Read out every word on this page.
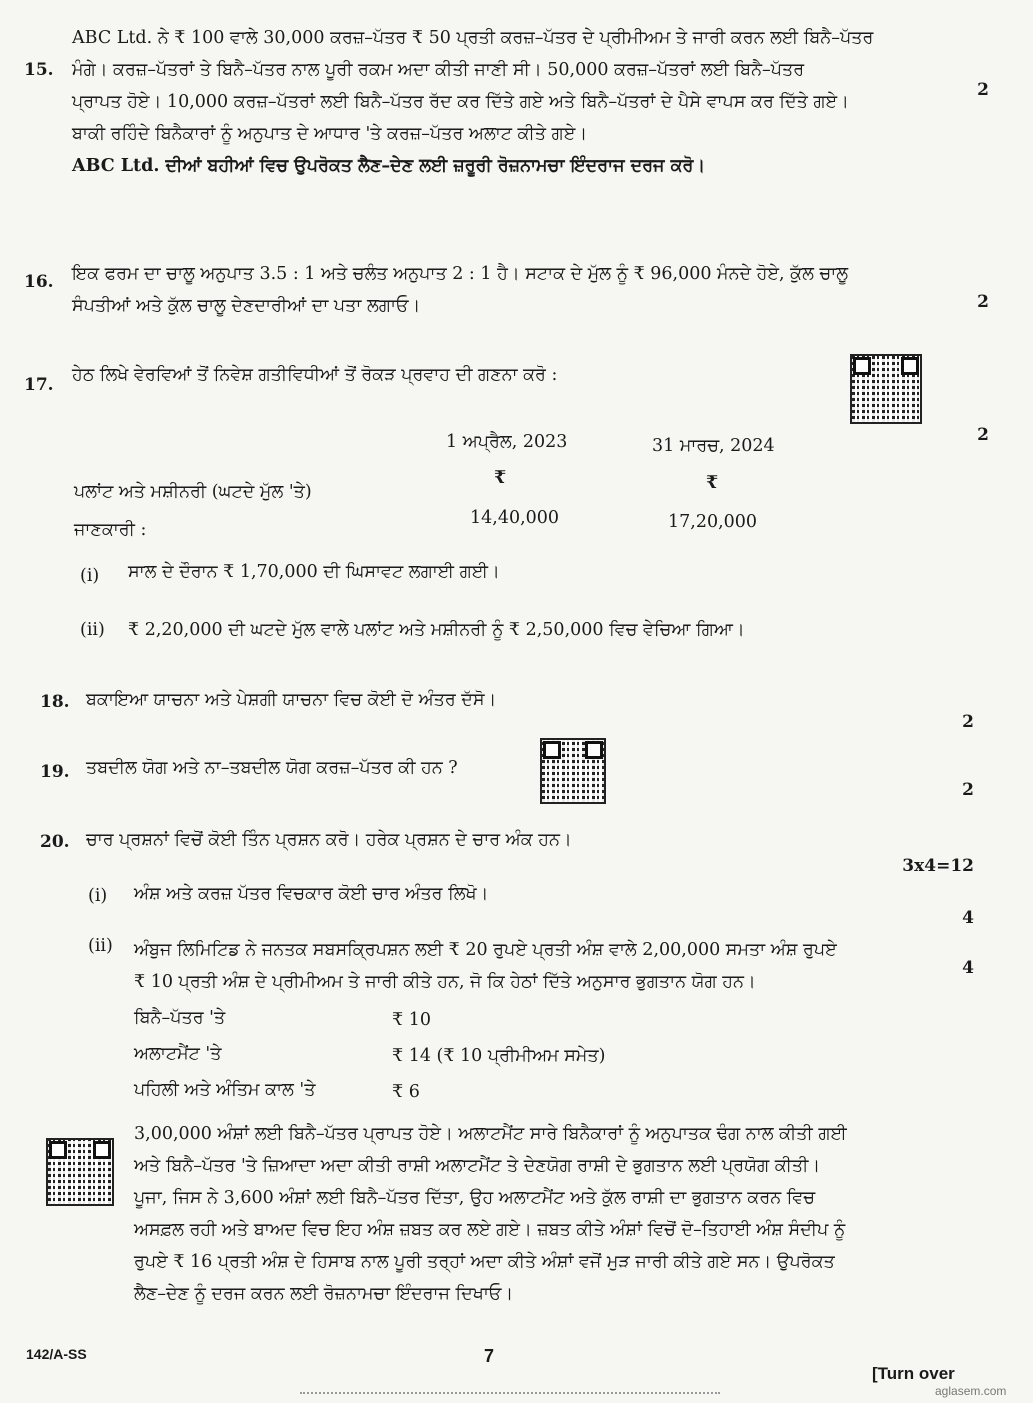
15.
ABC Ltd. ਨੇ ₹ 100 ਵਾਲੇ 30,000 ਕਰਜ਼–ਪੱਤਰ ₹ 50 ਪ੍ਰਤੀ ਕਰਜ਼–ਪੱਤਰ ਦੇ ਪ੍ਰੀਮੀਅਮ ਤੇ ਜਾਰੀ ਕਰਨ ਲਈ ਬਿਨੈ–ਪੱਤਰ
ਮੰਗੇ। ਕਰਜ਼–ਪੱਤਰਾਂ ਤੇ ਬਿਨੈ–ਪੱਤਰ ਨਾਲ ਪੂਰੀ ਰਕਮ ਅਦਾ ਕੀਤੀ ਜਾਣੀ ਸੀ। 50,000 ਕਰਜ਼–ਪੱਤਰਾਂ ਲਈ ਬਿਨੈ–ਪੱਤਰ
ਪ੍ਰਾਪਤ ਹੋਏ। 10,000 ਕਰਜ਼–ਪੱਤਰਾਂ ਲਈ ਬਿਨੈ–ਪੱਤਰ ਰੱਦ ਕਰ ਦਿੱਤੇ ਗਏ ਅਤੇ ਬਿਨੈ–ਪੱਤਰਾਂ ਦੇ ਪੈਸੇ ਵਾਪਸ ਕਰ ਦਿੱਤੇ ਗਏ।
ਬਾਕੀ ਰਹਿੰਦੇ ਬਿਨੈਕਾਰਾਂ ਨੂੰ ਅਨੁਪਾਤ ਦੇ ਆਧਾਰ 'ਤੇ ਕਰਜ਼–ਪੱਤਰ ਅਲਾਟ ਕੀਤੇ ਗਏ।
ABC Ltd. ਦੀਆਂ ਬਹੀਆਂ ਵਿਚ ਉਪਰੋਕਤ ਲੈਣ–ਦੇਣ ਲਈ ਜ਼ਰੂਰੀ ਰੋਜ਼ਨਾਮਚਾ ਇੰਦਰਾਜ ਦਰਜ ਕਰੋ।
2
16. ਇਕ ਫਰਮ ਦਾ ਚਾਲੂ ਅਨੁਪਾਤ 3.5 : 1 ਅਤੇ ਚਲੰਤ ਅਨੁਪਾਤ 2 : 1 ਹੈ। ਸਟਾਕ ਦੇ ਮੁੱਲ ਨੂੰ ₹ 96,000 ਮੰਨਦੇ ਹੋਏ, ਕੁੱਲ ਚਾਲੂ
ਸੰਪਤੀਆਂ ਅਤੇ ਕੁੱਲ ਚਾਲੂ ਦੇਣਦਾਰੀਆਂ ਦਾ ਪਤਾ ਲਗਾਓ।	2
17. ਹੇਠ ਲਿਖੇ ਵੇਰਵਿਆਂ ਤੋਂ ਨਿਵੇਸ਼ ਗਤੀਵਿਧੀਆਂ ਤੋਂ ਰੋਕੜ ਪ੍ਰਵਾਹ ਦੀ ਗਣਨਾ ਕਰੋ :
2
1 ਅਪ੍ਰੈਲ, 2023	31 ਮਾਰਚ, 2024
₹	₹
ਪਲਾਂਟ ਅਤੇ ਮਸ਼ੀਨਰੀ (ਘਟਦੇ ਮੁੱਲ 'ਤੇ)
14,40,000	17,20,000
ਜਾਣਕਾਰੀ :
(i) ਸਾਲ ਦੇ ਦੌਰਾਨ ₹ 1,70,000 ਦੀ ਘਿਸਾਵਟ ਲਗਾਈ ਗਈ।
(ii) ₹ 2,20,000 ਦੀ ਘਟਦੇ ਮੁੱਲ ਵਾਲੇ ਪਲਾਂਟ ਅਤੇ ਮਸ਼ੀਨਰੀ ਨੂੰ ₹ 2,50,000 ਵਿਚ ਵੇਚਿਆ ਗਿਆ।
18. ਬਕਾਇਆ ਯਾਚਨਾ ਅਤੇ ਪੇਸ਼ਗੀ ਯਾਚਨਾ ਵਿਚ ਕੋਈ ਦੋ ਅੰਤਰ ਦੱਸੋ।
2
19. ਤਬਦੀਲ ਯੋਗ ਅਤੇ ਨਾ–ਤਬਦੀਲ ਯੋਗ ਕਰਜ਼–ਪੱਤਰ ਕੀ ਹਨ ?
2
20. ਚਾਰ ਪ੍ਰਸ਼ਨਾਂ ਵਿਚੋਂ ਕੋਈ ਤਿੰਨ ਪ੍ਰਸ਼ਨ ਕਰੋ। ਹਰੇਕ ਪ੍ਰਸ਼ਨ ਦੇ ਚਾਰ ਅੰਕ ਹਨ।
3x4=12
(i) ਅੰਸ਼ ਅਤੇ ਕਰਜ਼ ਪੱਤਰ ਵਿਚਕਾਰ ਕੋਈ ਚਾਰ ਅੰਤਰ ਲਿਖੋ।
4
(ii) ਅੰਬੁਜ ਲਿਮਿਟਿਡ ਨੇ ਜਨਤਕ ਸਬਸਕ੍ਰਿਪਸ਼ਨ ਲਈ ₹ 20 ਰੁਪਏ ਪ੍ਰਤੀ ਅੰਸ਼ ਵਾਲੇ 2,00,000 ਸਮਤਾ ਅੰਸ਼ ਰੁਪਏ
₹ 10 ਪ੍ਰਤੀ ਅੰਸ਼ ਦੇ ਪ੍ਰੀਮੀਅਮ ਤੇ ਜਾਰੀ ਕੀਤੇ ਹਨ, ਜੋ ਕਿ ਹੇਠਾਂ ਦਿੱਤੇ ਅਨੁਸਾਰ ਭੁਗਤਾਨ ਯੋਗ ਹਨ।
4
ਬਿਨੈ–ਪੱਤਰ 'ਤੇ	₹ 10
ਅਲਾਟਮੈਂਟ 'ਤੇ	₹ 14 (₹ 10 ਪ੍ਰੀਮੀਅਮ ਸਮੇਤ)
ਪਹਿਲੀ ਅਤੇ ਅੰਤਿਮ ਕਾਲ 'ਤੇ	₹ 6
3,00,000 ਅੰਸ਼ਾਂ ਲਈ ਬਿਨੈ–ਪੱਤਰ ਪ੍ਰਾਪਤ ਹੋਏ। ਅਲਾਟਮੈਂਟ ਸਾਰੇ ਬਿਨੈਕਾਰਾਂ ਨੂੰ ਅਨੁਪਾਤਕ ਢੰਗ ਨਾਲ ਕੀਤੀ ਗਈ
ਅਤੇ ਬਿਨੈ–ਪੱਤਰ 'ਤੇ ਜ਼ਿਆਦਾ ਅਦਾ ਕੀਤੀ ਰਾਸ਼ੀ ਅਲਾਟਮੈਂਟ ਤੇ ਦੇਣਯੋਗ ਰਾਸ਼ੀ ਦੇ ਭੁਗਤਾਨ ਲਈ ਪ੍ਰਯੋਗ ਕੀਤੀ।
ਪੂਜਾ, ਜਿਸ ਨੇ 3,600 ਅੰਸ਼ਾਂ ਲਈ ਬਿਨੈ–ਪੱਤਰ ਦਿੱਤਾ, ਉਹ ਅਲਾਟਮੈਂਟ ਅਤੇ ਕੁੱਲ ਰਾਸ਼ੀ ਦਾ ਭੁਗਤਾਨ ਕਰਨ ਵਿਚ
ਅਸਫ਼ਲ ਰਹੀ ਅਤੇ ਬਾਅਦ ਵਿਚ ਇਹ ਅੰਸ਼ ਜ਼ਬਤ ਕਰ ਲਏ ਗਏ। ਜ਼ਬਤ ਕੀਤੇ ਅੰਸ਼ਾਂ ਵਿਚੋਂ ਦੋ–ਤਿਹਾਈ ਅੰਸ਼ ਸੰਦੀਪ ਨੂੰ
ਰੁਪਏ ₹ 16 ਪ੍ਰਤੀ ਅੰਸ਼ ਦੇ ਹਿਸਾਬ ਨਾਲ ਪੂਰੀ ਤਰ੍ਹਾਂ ਅਦਾ ਕੀਤੇ ਅੰਸ਼ਾਂ ਵਜੋਂ ਮੁੜ ਜਾਰੀ ਕੀਤੇ ਗਏ ਸਨ। ਉਪਰੋਕਤ
ਲੈਣ–ਦੇਣ ਨੂੰ ਦਰਜ ਕਰਨ ਲਈ ਰੋਜ਼ਨਾਮਚਾ ਇੰਦਰਾਜ ਦਿਖਾਓ।
142/A-SS	7
[Turn over
aglasem.com
